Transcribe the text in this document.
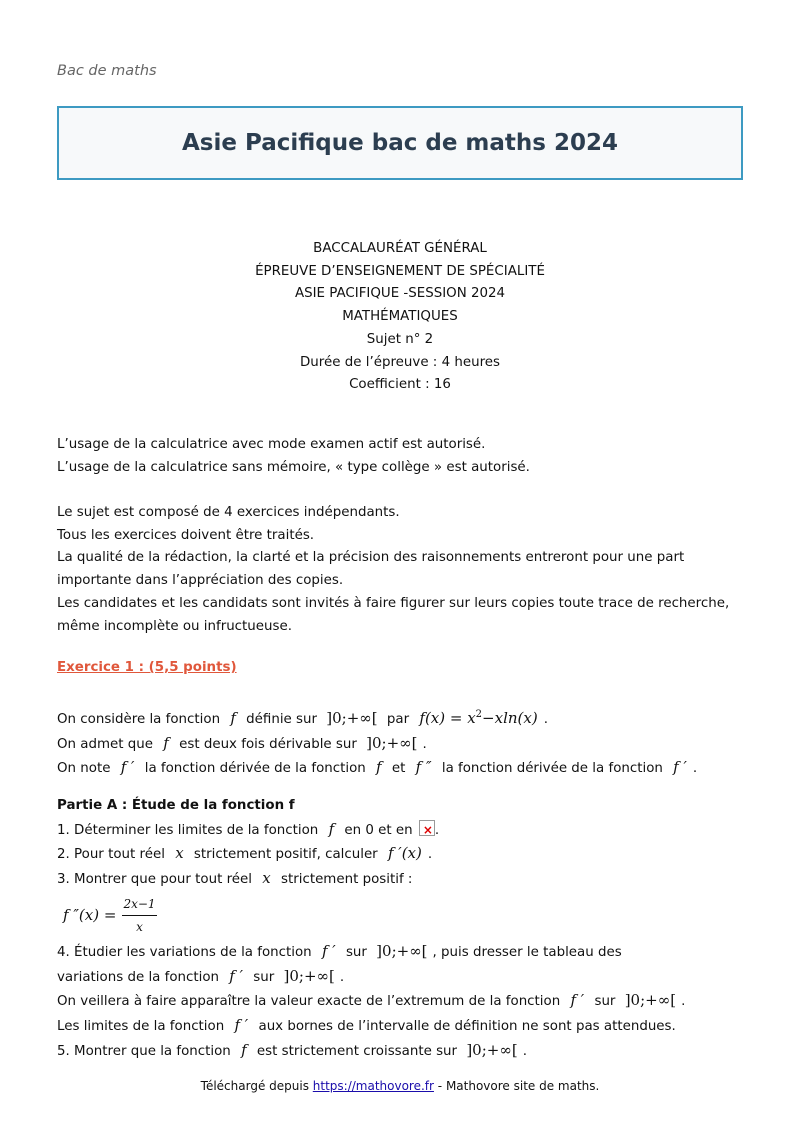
Bac de maths
Asie Pacifique bac de maths 2024
BACCALAURÉAT GÉNÉRAL
ÉPREUVE D’ENSEIGNEMENT DE SPÉCIALITÉ
ASIE PACIFIQUE -SESSION 2024
MATHÉMATIQUES
Sujet n° 2
Durée de l’épreuve : 4 heures
Coefficient : 16
L’usage de la calculatrice avec mode examen actif est autorisé.
L’usage de la calculatrice sans mémoire, « type collège » est autorisé.
Le sujet est composé de 4 exercices indépendants.
Tous les exercices doivent être traités.
La qualité de la rédaction, la clarté et la précision des raisonnements entreront pour une part importante dans l’appréciation des copies.
Les candidates et les candidats sont invités à faire figurer sur leurs copies toute trace de recherche, même incomplète ou infructueuse.
Exercice 1 : (5,5 points)
On considère la fonction f définie sur ]0;+∞[ par $f(x) = x^2-xln(x)$ .
On admet que f est deux fois dérivable sur ]0;+∞[ .
On note f ′ la fonction dérivée de la fonction f et f ″ la fonction dérivée de la fonction f ′ .
Partie A : Étude de la fonction f
1. Déterminer les limites de la fonction f en 0 et en × .
2. Pour tout réel x strictement positif, calculer f ′(x) .
3. Montrer que pour tout réel x strictement positif :
f $''(x) = \frac{2x-1}{x}$
4. Étudier les variations de la fonction f ′ sur ]0;+∞[ , puis dresser le tableau des
variations de la fonction f ′ sur ]0;+∞[ .
On veillera à faire apparaître la valeur exacte de l’extremum de la fonction f ′ sur ]0;+∞[ .
Les limites de la fonction f ′ aux bornes de l’intervalle de définition ne sont pas attendues.
5. Montrer que la fonction f est strictement croissante sur ]0;+∞[ .
Téléchargé depuis https://mathovore.fr - Mathovore site de maths.
